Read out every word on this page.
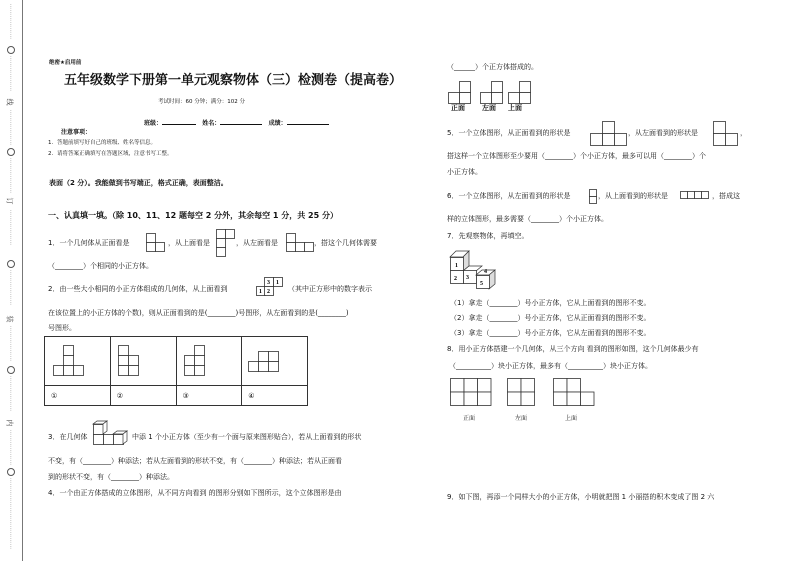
⋮
⋮
⋮
⋮
⋮
⋮
⋮
⋮
⋮
⋮
⋮
⋮
线
⋮
⋮
⋮
⋮
⋮
⋮
⋮
⋮
⋮
⋮
⋮
⋮
订
⋮
⋮
⋮
⋮
⋮
⋮
⋮
⋮
⋮
⋮
⋮
⋮
装
⋮
⋮
⋮
⋮
⋮
⋮
⋮
⋮
⋮
⋮
⋮
⋮
内
⋮
⋮
⋮
⋮
⋮
⋮
⋮
⋮
⋮
⋮
⋮
⋮
⋮
⋮
⋮
⋮
⋮
⋮
绝密★启用前
五年级数学下册第一单元观察物体（三）检测卷（提高卷）
考试时间：60 分钟；满分：102 分
班级：	姓名：	成绩：
注意事项：
1．答题前填写好自己的班级、姓名等信息。
2．请将答案正确填写在答题区域，注意书写工整。
表面（2 分）。我能做到书写端正，格式正确，表面整洁。
一、认真填一填。（除 10、11、12 题每空 2 分外，其余每空 1 分，共 25 分）
1．一个几何体从正面看是	，从上面看是	，从左面看是	，搭这个几何体需要
（________）个相同的小正方体。
2．由一些大小相同的小正方体组成的几何体，从上面看到
3 1
1 2	（其中正方形中的数字表示
在该位置上的小正方体的个数)，则从正面看到的是(________)号图形，从左面看到的是(________)
号图形。

①	②	③	④
3．在几何体	中添 1 个小正方体（至少有一个面与原来图形贴合），若从上面看到的形状
不变，有（________）种添法；若从左面看到的形状不变，有（________）种添法；若从正面看
到的形状不变，有（________）种添法。
4．一个由正方体搭成的立体图形，从不同方向看到 的图形分别如下图所示，这个立体图形是由
（______）个正方体搭成的。
正面 左面 上面
5．一个立体图形，从正面看到的形状是	，从左面看到的形状是	，
搭这样一个立体图形至少要用（________）个小正方体，最多可以用（________）个
小正方体。
6．一个立体图形，从左面看到的形状是	，从上面看到的形状是	，搭成这
样的立体图形，最多需要（________）个小正方体。
7．先观察物体，再填空。
1
2 3
4
5
（1）拿走（________）号小正方体，它从上面看到的图形不变。
（2）拿走（________）号小正方体，它从正面看到的图形不变。
（3）拿走（________）号小正方体，它从左面看到的图形不变。
8．用小正方体搭建一个几何体，从三个方向 看到的图形如图，这个几何体最少有
（__________）块小正方体，最多有（__________）块小正方体。
正面	左面	上面
9．如下图，再添一个同样大小的小正方体，小明就把图 1 小丽搭的积木变成了图 2 六
